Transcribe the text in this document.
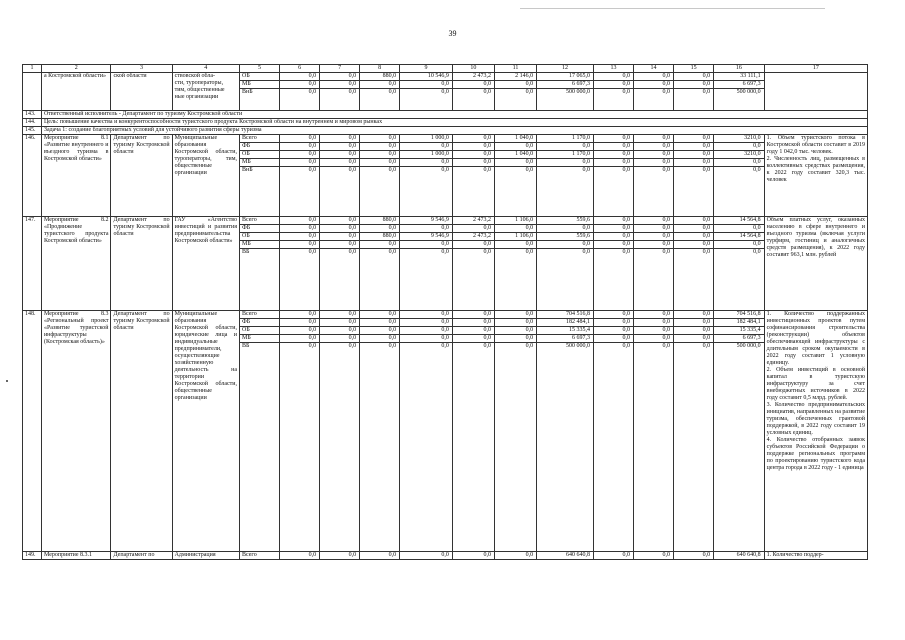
39
1	2	3	4	5	6	7	8	9	10	11	12	13	14	15	16	17
	а Костромской области»	ской области	ствовской обла-
сти, туроператоры,
тим, общественные
ные организации	ОБ	0,0	0,0	880,0	10 546,9	2 473,2	2 146,0	17 065,0	0,0	0,0	0,0	33 111,1	
				МБ	0,0	0,0	0,0	0,0	0,0	0,0	6 697,3	0,0	0,0	0,0	6 697,3	
				ВнБ	0,0	0,0	0,0	0,0	0,0	0,0	500 000,0	0,0	0,0	0,0	500 000,0	
143.	Ответственный исполнитель - Департамент по туризму Костромской области															
144.	Цель: повышение качества и конкурентоспособности туристского продукта Костромской области на внутреннем и мировом рынках															
145.	Задача 1: создание благоприятных условий для устойчивого развития сферы туризма															
146.	Мероприятие 8.1 «Развитие внутреннего и въездного туризма в Костромской области»	Департамент по туризму Костромской области	Муниципальные образования Костромской области, туроператоры, тим, общественные организации	Всего	0,0	0,0	0,0	1 000,0	0,0	1 040,0	1 170,0	0,0	0,0	0,0	3210,0	1. Объем туристского потока в Костромской области составит в 2019 году 1 042,0 тыс. человек.
2. Численность лиц, размещенных в коллективных средствах размещения, к 2022 году составит 320,3 тыс. человек
				ФБ	0,0	0,0	0,0	0,0	0,0	0,0	0,0	0,0	0,0	0,0	0,0	
				ОБ	0,0	0,0	0,0	1 000,0	0,0	1 040,0	1 170,0	0,0	0,0	0,0	3210,0	
				МБ	0,0	0,0	0,0	0,0	0,0	0,0	0,0	0,0	0,0	0,0	0,0	
				ВнБ	0,0	0,0	0,0	0,0	0,0	0,0	0,0	0,0	0,0	0,0	0,0	
147.	Мероприятие 8.2 «Продвижение туристского продукта Костромской области»	Департамент по туризму Костромской области	ГАУ «Агентство инвестиций и развития предпринимательства Костромской области»	Всего	0,0	0,0	880,0	9 546,9	2 473,2	1 106,0	559,6	0,0	0,0	0,0	14 564,8	Объем платных услуг, оказанных населению в сфере внутреннего и въездного туризма (включая услуги турфирм, гостиниц и аналогичных средств размещения), к 2022 году составит 963,1 млн. рублей
				ФБ	0,0	0,0	0,0	0,0	0,0	0,0	0,0	0,0	0,0	0,0	0,0	
				ОБ	0,0	0,0	880,0	9 546,9	2 473,2	1 106,0	559,6	0,0	0,0	0,0	14 564,8	
				МБ	0,0	0,0	0,0	0,0	0,0	0,0	0,0	0,0	0,0	0,0	0,0	
				ВБ	0,0	0,0	0,0	0,0	0,0	0,0	0,0	0,0	0,0	0,0	0,0	
148.	Мероприятие 8.3 «Региональный проект «Развитие туристской инфраструктуры (Костромская область)»	Департамент по туризму Костромской области	Муниципальные образования Костромской области, юридические лица и индивидуальные предприниматели, осуществляющие хозяйственную деятельность на территории Костромской области, общественные организации	Всего	0,0	0,0	0,0	0,0	0,0	0,0	704 516,8	0,0	0,0	0,0	704 516,8	1. Количество поддержанных инвестиционных проектов путем софинансирования строительства (реконструкции) объектов обеспечивающей инфраструктуры с длительным сроком окупаемости в 2022 году составит 1 условную единицу.
2. Объем инвестиций в основной капитал в туристскую инфраструктуру за счет внебюджетных источников в 2022 году составит 0,5 млрд. рублей.
3. Количество предпринимательских инициатив, направленных на развитие туризма, обеспеченных грантовой поддержкой, в 2022 году составит 19 условных единиц.
4. Количество отобранных заявок субъектов Российской Федерации о поддержке региональных программ по проектированию туристского кода центра города в 2022 году - 1 единица
				ФБ	0,0	0,0	0,0	0,0	0,0	0,0	182 484,1	0,0	0,0	0,0	182 484,1	
				ОБ	0,0	0,0	0,0	0,0	0,0	0,0	15 335,4	0,0	0,0	0,0	15 335,4	
				МБ	0,0	0,0	0,0	0,0	0,0	0,0	6 697,3	0,0	0,0	0,0	6 697,3	
				ВБ	0,0	0,0	0,0	0,0	0,0	0,0	500 000,0	0,0	0,0	0,0	500 000,0	
149.	Мероприятие 8.3.1	Департамент по	Администрация	Всего	0,0	0,0	0,0	0,0	0,0	0,0	640 640,8	0,0	0,0	0,0	640 640,8	1. Количество поддер-
